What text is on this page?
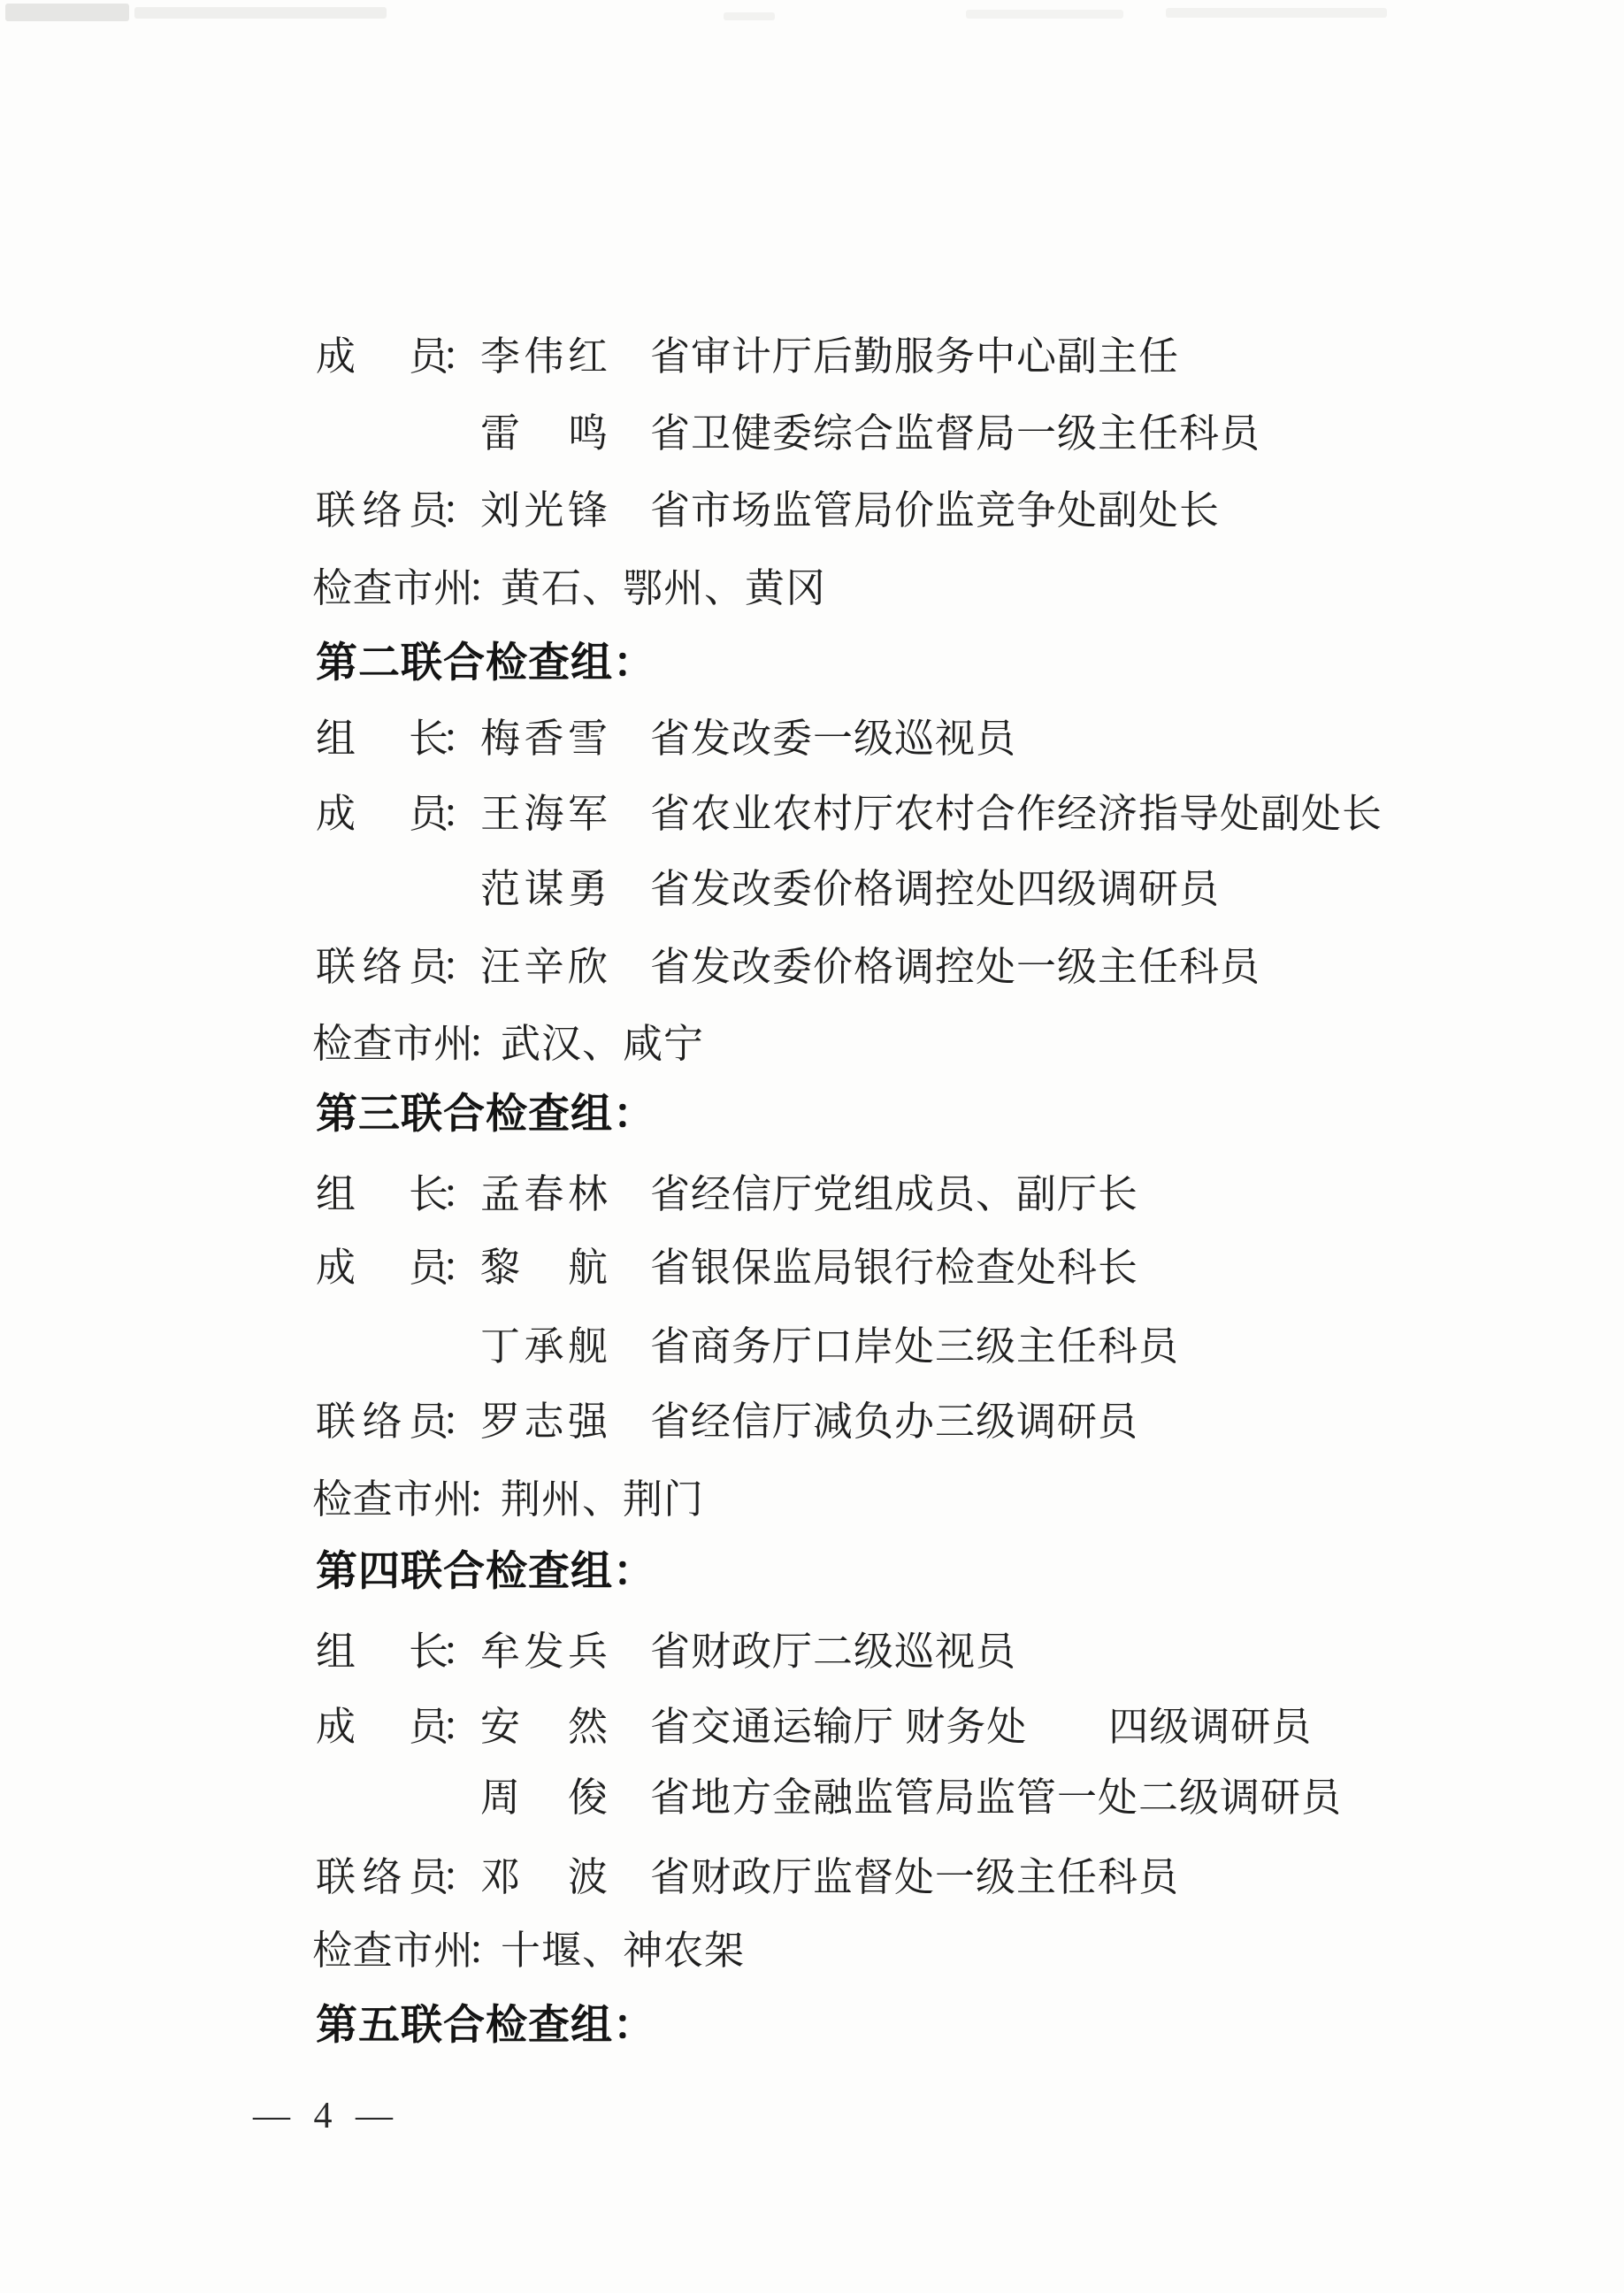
成 员
：
李 伟 红 省审计厅后勤服务中心副主任
雷 鸣 省卫健委综合监督局一级主任科员
联 络 员
：
刘 光 锋 省市场监管局价监竞争处副处长
检 查 市 州
：
黄石、鄂州、黄冈
第二联合检查组：
组 长
：
梅 香 雪 省发改委一级巡视员
成 员
：
王 海 军 省农业农村厅农村合作经济指导处副处长
范 谋 勇 省发改委价格调控处四级调研员
联 络 员
：
汪 辛 欣 省发改委价格调控处一级主任科员
检 查 市 州
：
武汉、咸宁
第三联合检查组：
组 长
：
孟 春 林 省经信厅党组成员、副厅长
成 员
：
黎 航 省银保监局银行检查处科长
丁 承 舰 省商务厅口岸处三级主任科员
联 络 员
：
罗 志 强 省经信厅减负办三级调研员
检 查 市 州
：
荆州、荆门
第四联合检查组：
组 长
：
牟 发 兵 省财政厅二级巡视员
成 员
：
安 然 省交通运输厅 财务处　　四级调研员
周 俊 省地方金融监管局监管一处二级调研员
联 络 员
：
邓 波 省财政厅监督处一级主任科员
检 查 市 州
：
十堰、神农架
第五联合检查组：
— 4 —
